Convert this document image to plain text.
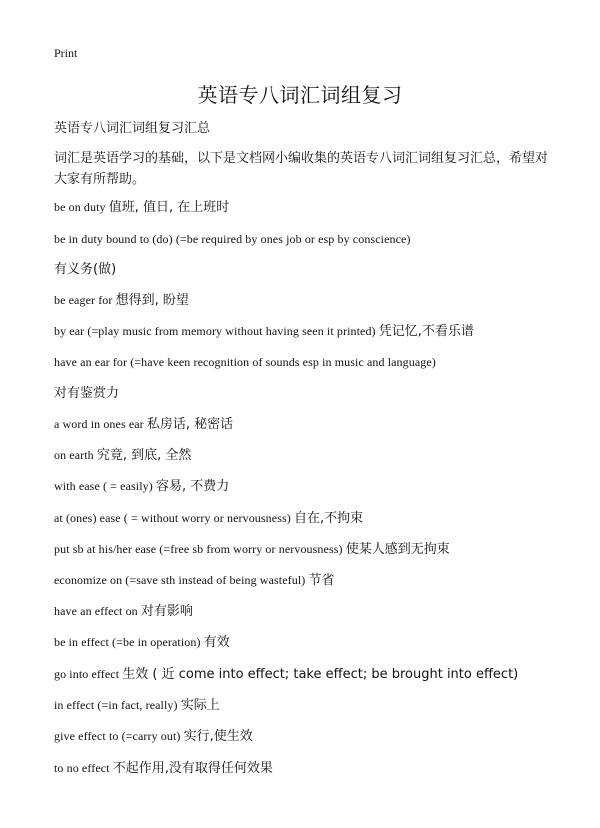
Print
英语专八词汇词组复习
英语专八词汇词组复习汇总
词汇是英语学习的基础，以下是文档网小编收集的英语专八词汇词组复习汇总，希望对大家有所帮助。
be on duty 值班, 值日, 在上班时
be in duty bound to (do) (=be required by ones job or esp by conscience)
有义务(做)
be eager for 想得到, 盼望
by ear (=play music from memory without having seen it printed) 凭记忆,不看乐谱
have an ear for (=have keen recognition of sounds esp in music and language)
对有鉴赏力
a word in ones ear 私房话, 秘密话
on earth 究竟, 到底, 全然
with ease ( = easily) 容易, 不费力
at (ones) ease ( = without worry or nervousness) 自在,不拘束
put sb at his/her ease (=free sb from worry or nervousness) 使某人感到无拘束
economize on (=save sth instead of being wasteful) 节省
have an effect on 对有影响
be in effect (=be in operation) 有效
go into effect 生效 ( 近 come into effect; take effect; be brought into effect)
in effect (=in fact, really) 实际上
give effect to (=carry out) 实行,使生效
to no effect 不起作用,没有取得任何效果
